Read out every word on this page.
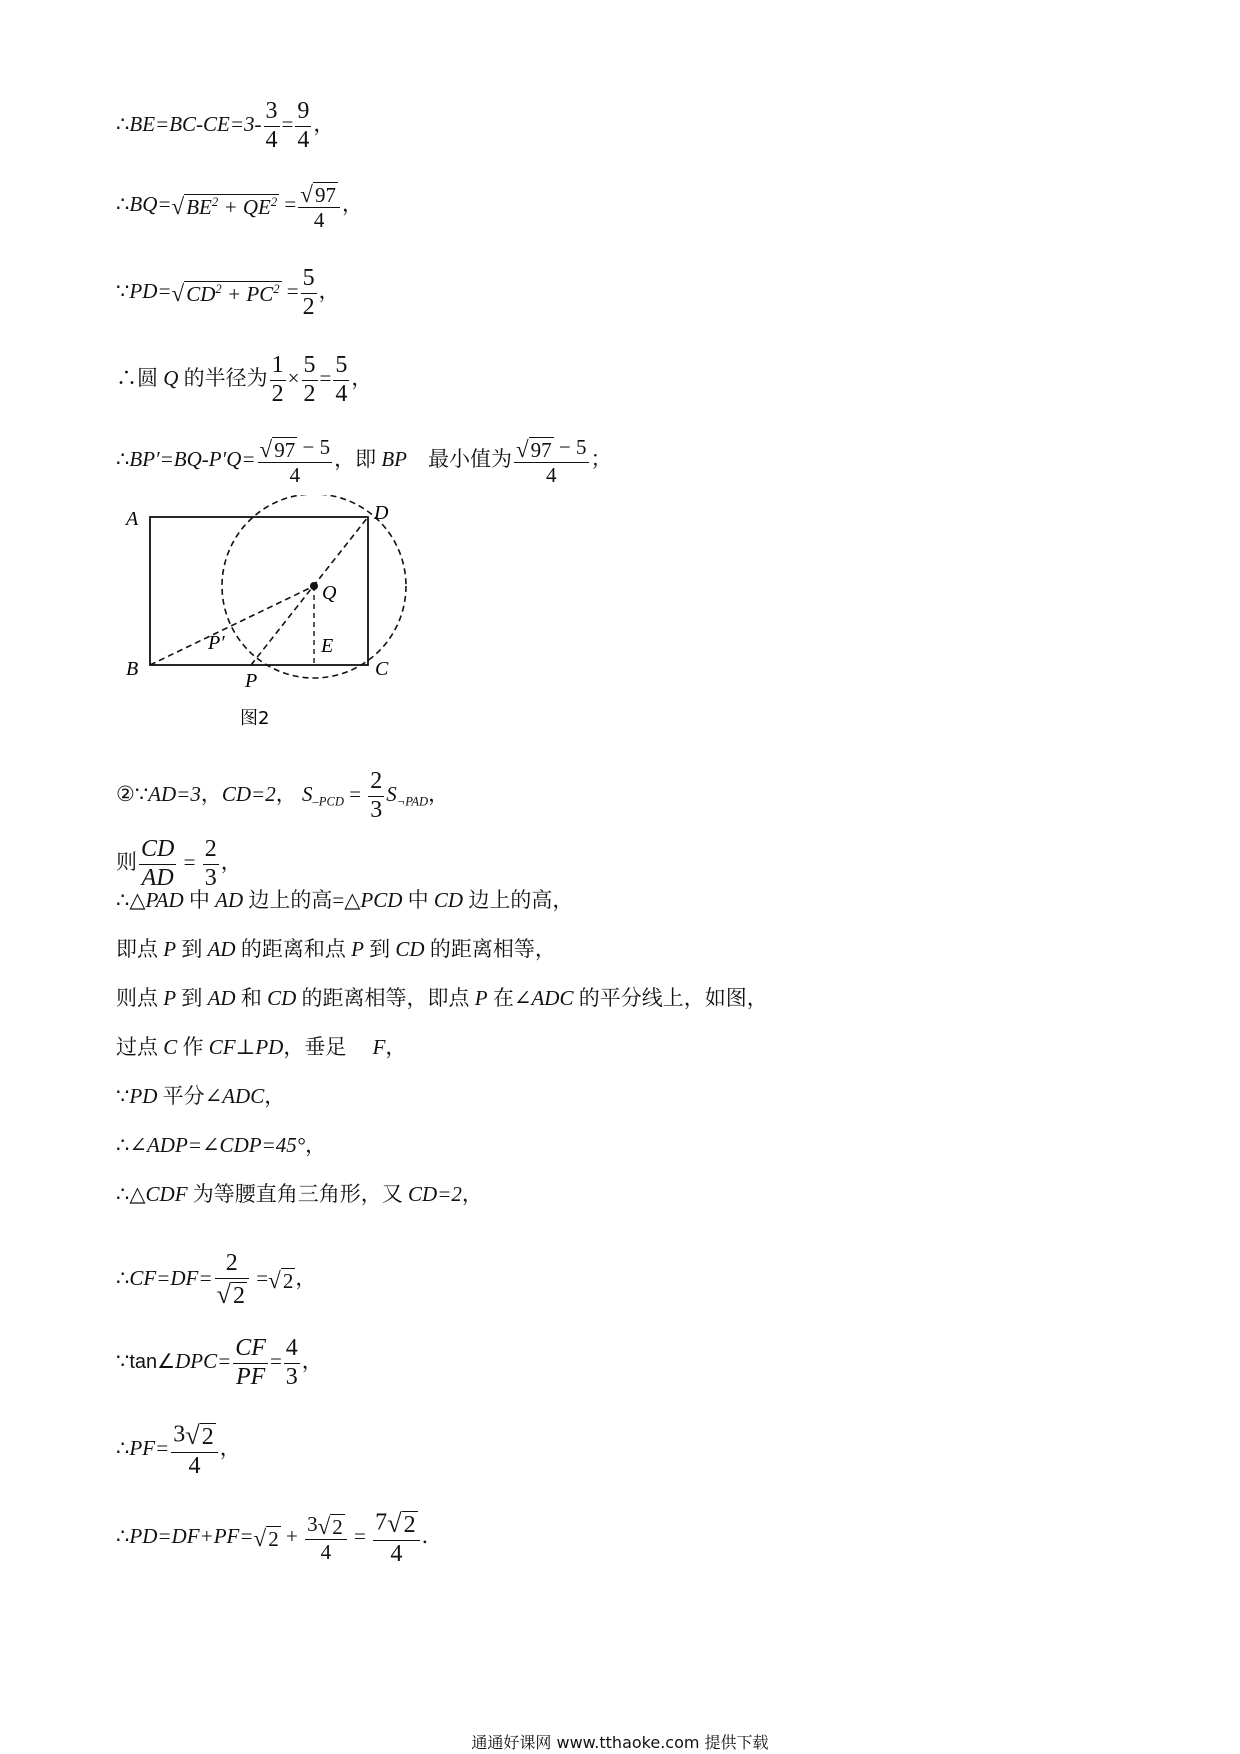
∴BE=BC-CE=3- $\frac{3}{4} = \frac{9}{4}$ ，
$\therefore BQ=√BE^2 + QE^2 = \frac{√97}{4}$ ，
$\because PD=√CD^2 + PC^2 = \frac{5}{2}$ ，
∴圆 Q 的半径为 $\frac{1}{2} \times \frac{5}{2} = \frac{5}{4}$ ，
∴BP′=BQ-P′Q= $\frac{√97 - 5}{4}$ ，即 BP　最小值为 $\frac{√97 - 5}{4}$ ；
A	D
B	C
Q
E
P′
P
图2
②∵AD=3，CD=2， $S_{-PCD} = \frac{2}{3} S_{\neg PAD}$，
则 $\frac{CD}{AD} = \frac{2}{3}$ ，
∴△PAD 中 AD 边上的高=△PCD 中 CD 边上的高，
即点 P 到 AD 的距离和点 P 到 CD 的距离相等，
则点 P 到 AD 和 CD 的距离相等，即点 P 在∠ADC 的平分线上，如图，
过点 C 作 CF⊥PD，垂足　 F，
∵PD 平分∠ADC，
∴∠ADP=∠CDP=45°，
∴△CDF 为等腰直角三角形，又 CD=2，
∴CF=DF= $\frac{2}{√2} =√2$，
∵tan∠DPC= $\frac{CF}{PF} = \frac{4}{3}$ ，
∴PF= $\frac{3√2}{4}$ ，
∴PD=DF+PF=√2 + $\frac{3√2}{4} = \frac{7√2}{4}$ ．
通通好课网 www.tthaoke.com 提供下载
